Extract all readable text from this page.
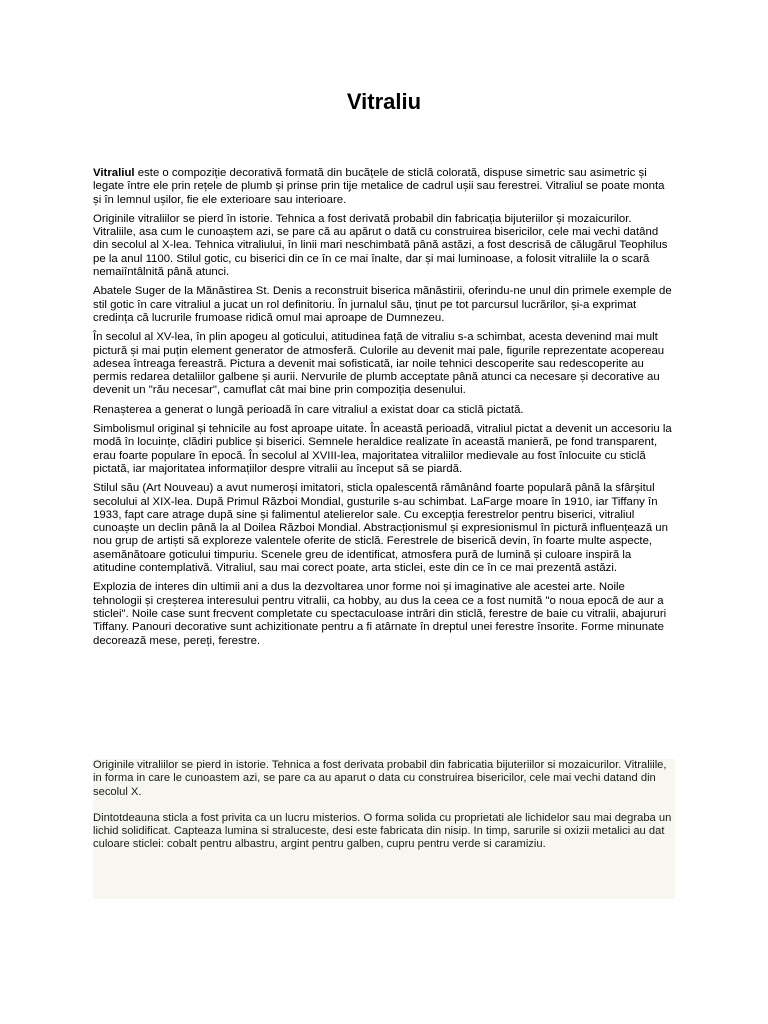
Vitraliu

Vitraliul este o compoziție decorativă formată din bucățele de sticlă colorată, dispuse simetric sau asimetric și legate între ele prin rețele de plumb și prinse prin tije metalice de cadrul ușii sau ferestrei. Vitraliul se poate monta și în lemnul ușilor, fie ele exterioare sau interioare.

Originile vitraliilor se pierd în istorie. Tehnica a fost derivată probabil din fabricația bijuteriilor și mozaicurilor. Vitraliile, asa cum le cunoaștem azi, se pare că au apărut o dată cu construirea bisericilor, cele mai vechi datând din secolul al X-lea. Tehnica vitraliului, în linii mari neschimbată până astăzi, a fost descrisă de călugărul Teophilus pe la anul 1100. Stilul gotic, cu biserici din ce în ce mai înalte, dar și mai luminoase, a folosit vitraliile la o scară nemaiîntâlnită până atunci.

Abatele Suger de la Mănăstirea St. Denis a reconstruit biserica mănăstirii, oferindu-ne unul din primele exemple de stil gotic în care vitraliul a jucat un rol definitoriu. În jurnalul său, ținut pe tot parcursul lucrărilor, și-a exprimat credința că lucrurile frumoase ridică omul mai aproape de Dumnezeu.

În secolul al XV-lea, în plin apogeu al goticului, atitudinea față de vitraliu s-a schimbat, acesta devenind mai mult pictură și mai puțin element generator de atmosferă. Culorile au devenit mai pale, figurile reprezentate acopereau adesea întreaga fereastră. Pictura a devenit mai sofisticată, iar noile tehnici descoperite sau redescoperite au permis redarea detaliilor galbene și aurii. Nervurile de plumb acceptate până atunci ca necesare și decorative au devenit un "rău necesar", camuflat cât mai bine prin compoziția desenului.

Renașterea a generat o lungă perioadă în care vitraliul a existat doar ca sticlă pictată.

Simbolismul original și tehnicile au fost aproape uitate. În această perioadă, vitraliul pictat a devenit un accesoriu la modă în locuințe, clădiri publice și biserici. Semnele heraldice realizate în această manieră, pe fond transparent, erau foarte populare în epocă. În secolul al XVIII-lea, majoritatea vitraliilor medievale au fost înlocuite cu sticlă pictată, iar majoritatea informațiilor despre vitralii au început să se piardă.

Stilul său (Art Nouveau) a avut numeroși imitatori, sticla opalescentă rămânând foarte populară până la sfârșitul secolului al XIX-lea. După Primul Război Mondial, gusturile s-au schimbat. LaFarge moare în 1910, iar Tiffany în 1933, fapt care atrage după sine și falimentul atelierelor sale. Cu excepția ferestrelor pentru biserici, vitraliul cunoaște un declin până la al Doilea Război Mondial. Abstracționismul și expresionismul în pictură influențează un nou grup de artiști să exploreze valentele oferite de sticlă. Ferestrele de biserică devin, în foarte multe aspecte, asemănătoare goticului timpuriu. Scenele greu de identificat, atmosfera pură de lumină și culoare inspiră la atitudine contemplativă. Vitraliul, sau mai corect poate, arta sticlei, este din ce în ce mai prezentă astăzi.

Explozia de interes din ultimii ani a dus la dezvoltarea unor forme noi și imaginative ale acestei arte. Noile tehnologii și creșterea interesului pentru vitralii, ca hobby, au dus la ceea ce a fost numită "o noua epocă de aur a sticlei". Noile case sunt frecvent completate cu spectaculoase intrări din sticlă, ferestre de baie cu vitralii, abajururi Tiffany. Panouri decorative sunt achizitionate pentru a fi atârnate în dreptul unei ferestre însorite. Forme minunate decorează mese, pereți, ferestre.

Originile vitraliilor se pierd in istorie. Tehnica a fost derivata probabil din fabricatia bijuteriilor si mozaicurilor. Vitraliile, in forma in care le cunoastem azi, se pare ca au aparut o data cu construirea bisericilor, cele mai vechi datand din secolul X.

Dintotdeauna sticla a fost privita ca un lucru misterios. O forma solida cu proprietati ale lichidelor sau mai degraba un lichid solidificat. Capteaza lumina si straluceste, desi este fabricata din nisip. In timp, sarurile si oxizii metalici au dat culoare sticlei: cobalt pentru albastru, argint pentru galben, cupru pentru verde si caramiziu.
